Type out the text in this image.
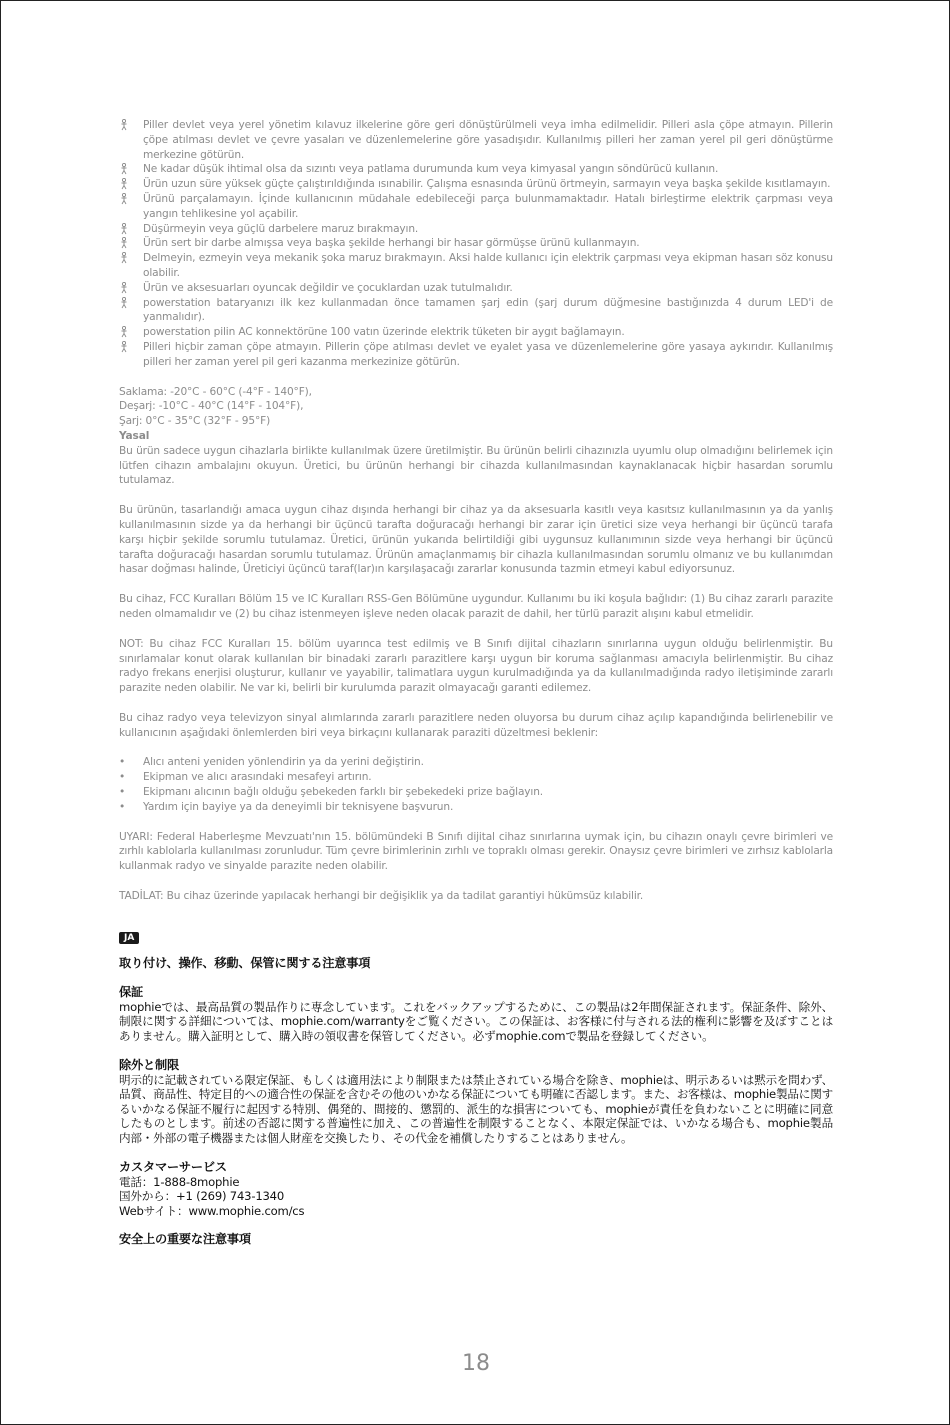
Piller devlet veya yerel yönetim kılavuz ilkelerine göre geri dönüştürülmeli veya imha edilmelidir. Pilleri asla çöpe atmayın. Pillerin çöpe atılması devlet ve çevre yasaları ve düzenlemelerine göre yasadışıdır. Kullanılmış pilleri her zaman yerel pil geri dönüştürme merkezine götürün.
Ne kadar düşük ihtimal olsa da sızıntı veya patlama durumunda kum veya kimyasal yangın söndürücü kullanın.
Ürün uzun süre yüksek güçte çalıştırıldığında ısınabilir. Çalışma esnasında ürünü örtmeyin, sarmayın veya başka şekilde kısıtlamayın.
Ürünü parçalamayın. İçinde kullanıcının müdahale edebileceği parça bulunmamaktadır. Hatalı birleştirme elektrik çarpması veya yangın tehlikesine yol açabilir.
Düşürmeyin veya güçlü darbelere maruz bırakmayın.
Ürün sert bir darbe almışsa veya başka şekilde herhangi bir hasar görmüşse ürünü kullanmayın.
Delmeyin, ezmeyin veya mekanik şoka maruz bırakmayın. Aksi halde kullanıcı için elektrik çarpması veya ekipman hasarı söz konusu olabilir.
Ürün ve aksesuarları oyuncak değildir ve çocuklardan uzak tutulmalıdır.
powerstation bataryanızı ilk kez kullanmadan önce tamamen şarj edin (şarj durum düğmesine bastığınızda 4 durum LED'i de yanmalıdır).
powerstation pilin AC konnektörüne 100 vatın üzerinde elektrik tüketen bir aygıt bağlamayın.
Pilleri hiçbir zaman çöpe atmayın. Pillerin çöpe atılması devlet ve eyalet yasa ve düzenlemelerine göre yasaya aykırıdır. Kullanılmış pilleri her zaman yerel pil geri kazanma merkezinize götürün.

Saklama: -20°C - 60°C (-4°F - 140°F),

Deşarj: -10°C - 40°C (14°F - 104°F),

Şarj: 0°C - 35°C (32°F - 95°F)

Yasal

Bu ürün sadece uygun cihazlarla birlikte kullanılmak üzere üretilmiştir. Bu ürünün belirli cihazınızla uyumlu olup olmadığını belirlemek için lütfen cihazın ambalajını okuyun. Üretici, bu ürünün herhangi bir cihazda kullanılmasından kaynaklanacak hiçbir hasardan sorumlu tutulamaz.

Bu ürünün, tasarlandığı amaca uygun cihaz dışında herhangi bir cihaz ya da aksesuarla kasıtlı veya kasıtsız kullanılmasının ya da yanlış kullanılmasının sizde ya da herhangi bir üçüncü tarafta doğuracağı herhangi bir zarar için üretici size veya herhangi bir üçüncü tarafa karşı hiçbir şekilde sorumlu tutulamaz. Üretici, ürünün yukarıda belirtildiği gibi uygunsuz kullanımının sizde veya herhangi bir üçüncü tarafta doğuracağı hasardan sorumlu tutulamaz. Ürünün amaçlanmamış bir cihazla kullanılmasından sorumlu olmanız ve bu kullanımdan hasar doğması halinde, Üreticiyi üçüncü taraf(lar)ın karşılaşacağı zararlar konusunda tazmin etmeyi kabul ediyorsunuz.

Bu cihaz, FCC Kuralları Bölüm 15 ve IC Kuralları RSS-Gen Bölümüne uygundur. Kullanımı bu iki koşula bağlıdır: (1) Bu cihaz zararlı parazite neden olmamalıdır ve (2) bu cihaz istenmeyen işleve neden olacak parazit de dahil, her türlü parazit alışını kabul etmelidir.

NOT: Bu cihaz FCC Kuralları 15. bölüm uyarınca test edilmiş ve B Sınıfı dijital cihazların sınırlarına uygun olduğu belirlenmiştir. Bu sınırlamalar konut olarak kullanılan bir binadaki zararlı parazitlere karşı uygun bir koruma sağlanması amacıyla belirlenmiştir. Bu cihaz radyo frekans enerjisi oluşturur, kullanır ve yayabilir, talimatlara uygun kurulmadığında ya da kullanılmadığında radyo iletişiminde zararlı parazite neden olabilir. Ne var ki, belirli bir kurulumda parazit olmayacağı garanti edilemez.

Bu cihaz radyo veya televizyon sinyal alımlarında zararlı parazitlere neden oluyorsa bu durum cihaz açılıp kapandığında belirlenebilir ve kullanıcının aşağıdaki önlemlerden biri veya birkaçını kullanarak paraziti düzeltmesi beklenir:

• Alıcı anteni yeniden yönlendirin ya da yerini değiştirin.
• Ekipman ve alıcı arasındaki mesafeyi artırın.
• Ekipmanı alıcının bağlı olduğu şebekeden farklı bir şebekedeki prize bağlayın.
• Yardım için bayiye ya da deneyimli bir teknisyene başvurun.

UYARI: Federal Haberleşme Mevzuatı'nın 15. bölümündeki B Sınıfı dijital cihaz sınırlarına uymak için, bu cihazın onaylı çevre birimleri ve zırhlı kablolarla kullanılması zorunludur. Tüm çevre birimlerinin zırhlı ve topraklı olması gerekir. Onaysız çevre birimleri ve zırhsız kablolarla kullanmak radyo ve sinyalde parazite neden olabilir.

TADİLAT: Bu cihaz üzerinde yapılacak herhangi bir değişiklik ya da tadilat garantiyi hükümsüz kılabilir.

JA
取り付け、操作、移動、保管に関する注意事項
保証

mophieでは、最高品質の製品作りに専念しています。これをバックアップするために、この製品は2年間保証されます。保証条件、除外、制限に関する詳細については、mophie.com/warrantyをご覧ください。この保証は、お客様に付与される法的権利に影響を及ぼすことはありません。購入証明として、購入時の領収書を保管してください。必ずmophie.comで製品を登録してください。

除外と制限

明示的に記載されている限定保証、もしくは適用法により制限または禁止されている場合を除き、mophieは、明示あるいは黙示を問わず、品質、商品性、特定目的への適合性の保証を含むその他のいかなる保証についても明確に否認します。また、お客様は、mophie製品に関するいかなる保証不履行に起因する特別、偶発的、間接的、懲罰的、派生的な損害についても、mophieが責任を負わないことに明確に同意したものとします。前述の否認に関する普遍性に加え、この普遍性を制限することなく、本限定保証では、いかなる場合も、mophie製品内部・外部の電子機器または個人財産を交換したり、その代金を補償したりすることはありません。

カスタマーサービス

電話：1-888-8mophie

国外から：+1 (269) 743-1340

Webサイト：www.mophie.com/cs

安全上の重要な注意事項
18
